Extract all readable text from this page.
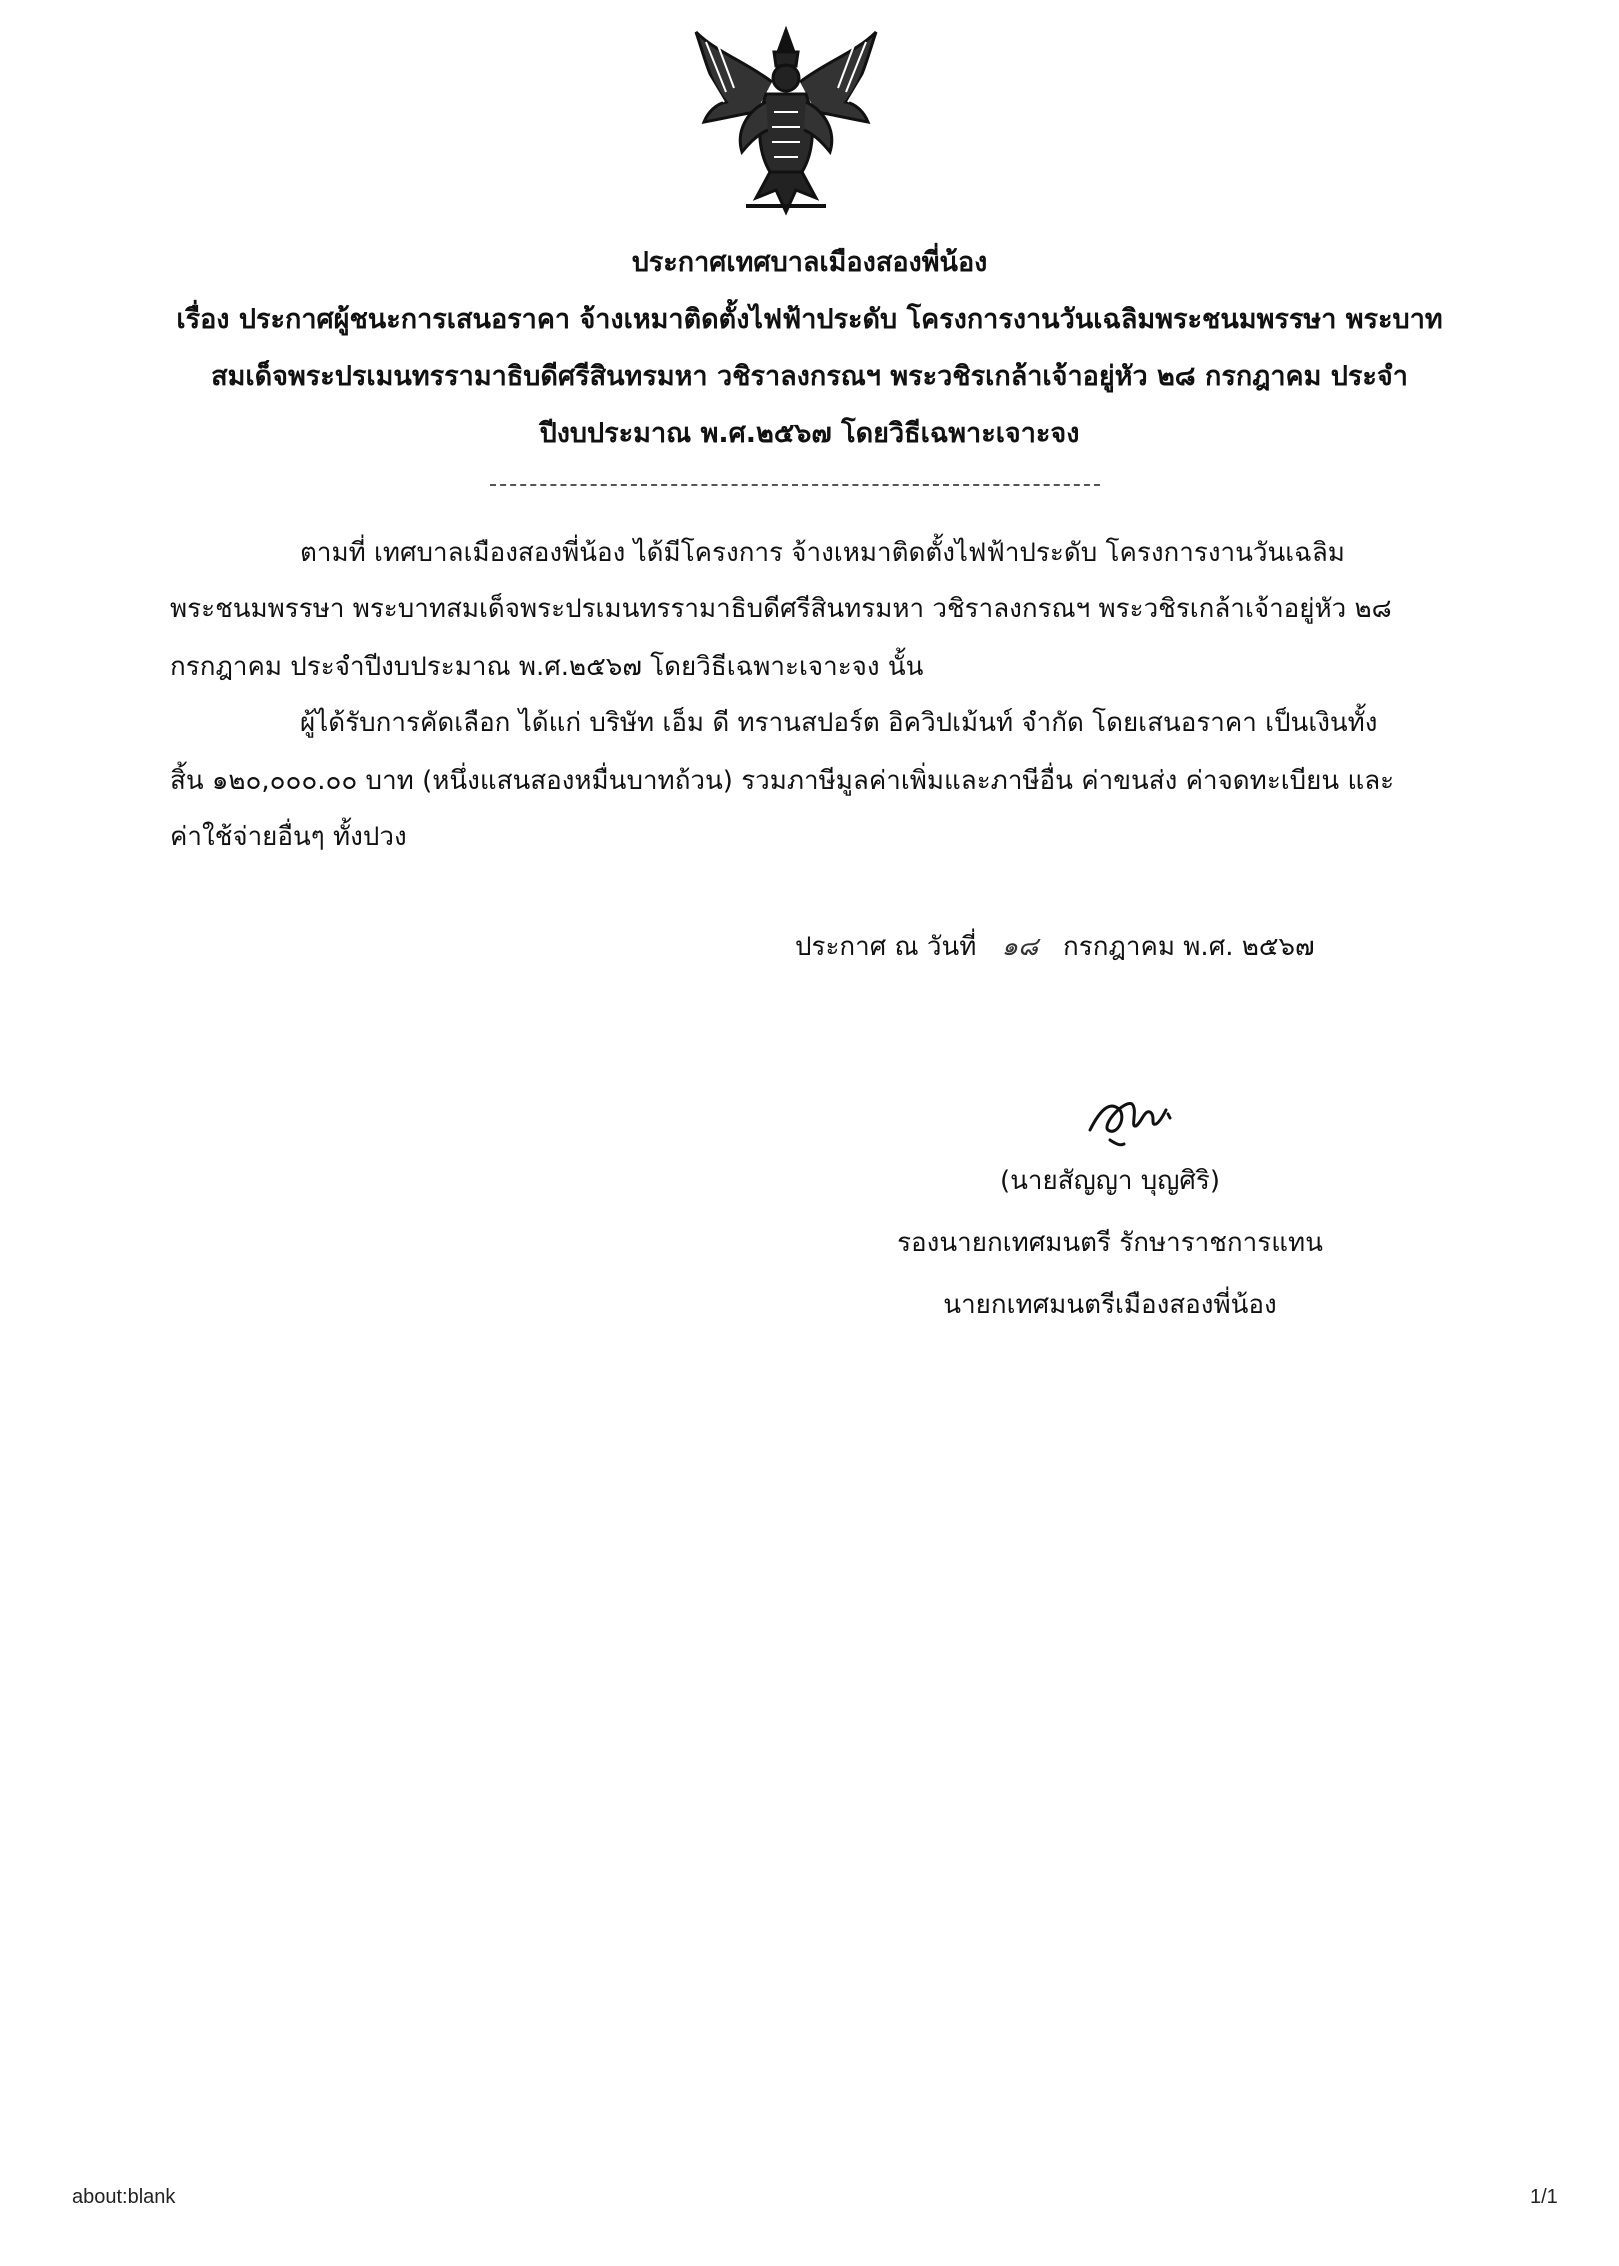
ประกาศเทศบาลเมืองสองพี่น้อง
เรื่อง ประกาศผู้ชนะการเสนอราคา จ้างเหมาติดตั้งไฟฟ้าประดับ โครงการงานวันเฉลิมพระชนมพรรษา พระบาท
สมเด็จพระปรเมนทรรามาธิบดีศรีสินทรมหา วชิราลงกรณฯ พระวชิรเกล้าเจ้าอยู่หัว ๒๘ กรกฎาคม ประจำ
ปีงบประมาณ พ.ศ.๒๕๖๗ โดยวิธีเฉพาะเจาะจง
ตามที่ เทศบาลเมืองสองพี่น้อง ได้มีโครงการ จ้างเหมาติดตั้งไฟฟ้าประดับ โครงการงานวันเฉลิม
พระชนมพรรษา พระบาทสมเด็จพระปรเมนทรรามาธิบดีศรีสินทรมหา วชิราลงกรณฯ พระวชิรเกล้าเจ้าอยู่หัว ๒๘
กรกฎาคม ประจำปีงบประมาณ พ.ศ.๒๕๖๗ โดยวิธีเฉพาะเจาะจง นั้น
ผู้ได้รับการคัดเลือก ได้แก่ บริษัท เอ็ม ดี ทรานสปอร์ต อิควิปเม้นท์ จำกัด โดยเสนอราคา เป็นเงินทั้ง
สิ้น ๑๒๐,๐๐๐.๐๐ บาท (หนึ่งแสนสองหมื่นบาทถ้วน) รวมภาษีมูลค่าเพิ่มและภาษีอื่น ค่าขนส่ง ค่าจดทะเบียน และ
ค่าใช้จ่ายอื่นๆ ทั้งปวง
ประกาศ ณ วันที่ ๑๘ กรกฎาคม พ.ศ. ๒๕๖๗
(นายสัญญา บุญศิริ)
รองนายกเทศมนตรี รักษาราชการแทน
นายกเทศมนตรีเมืองสองพี่น้อง
about:blank	1/1
